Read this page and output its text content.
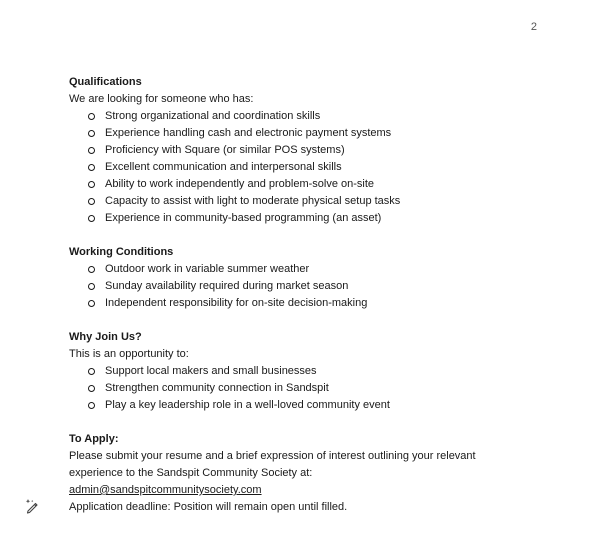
2
Qualifications
We are looking for someone who has:
Strong organizational and coordination skills
Experience handling cash and electronic payment systems
Proficiency with Square (or similar POS systems)
Excellent communication and interpersonal skills
Ability to work independently and problem-solve on-site
Capacity to assist with light to moderate physical setup tasks
Experience in community-based programming (an asset)
Working Conditions
Outdoor work in variable summer weather
Sunday availability required during market season
Independent responsibility for on-site decision-making
Why Join Us?
This is an opportunity to:
Support local makers and small businesses
Strengthen community connection in Sandspit
Play a key leadership role in a well-loved community event
To Apply:
Please submit your resume and a brief expression of interest outlining your relevant experience to the Sandspit Community Society at:
admin@sandspitcommunitysociety.com
Application deadline: Position will remain open until filled.
